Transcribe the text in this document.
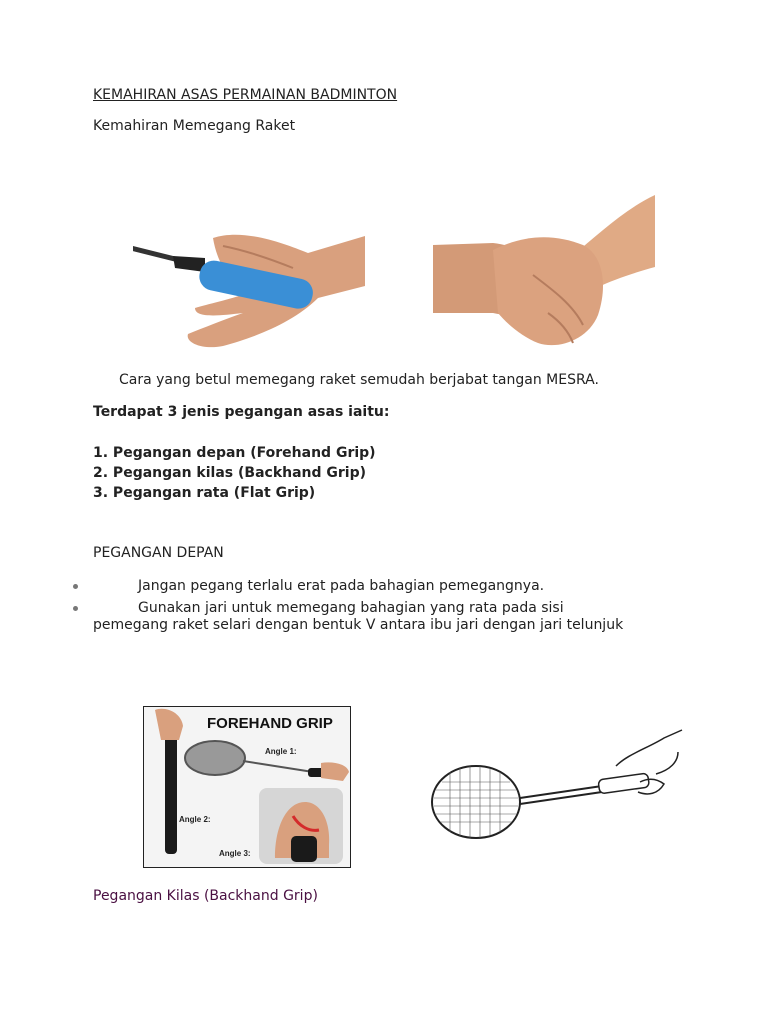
KEMAHIRAN ASAS PERMAINAN BADMINTON
Kemahiran Memegang Raket
Cara yang betul memegang raket semudah berjabat tangan MESRA.
Terdapat 3 jenis pegangan asas iaitu:
1. Pegangan depan (Forehand Grip)
2. Pegangan kilas (Backhand Grip)
3. Pegangan rata (Flat Grip)
PEGANGAN DEPAN
Jangan pegang terlalu erat pada bahagian pemegangnya.
Gunakan jari untuk memegang bahagian yang rata pada sisi pemegang raket selari dengan bentuk V antara ibu jari dengan jari telunjuk
FOREHAND GRIP
Angle 1:
Angle 2:
Angle 3:
Pegangan Kilas (Backhand Grip)
